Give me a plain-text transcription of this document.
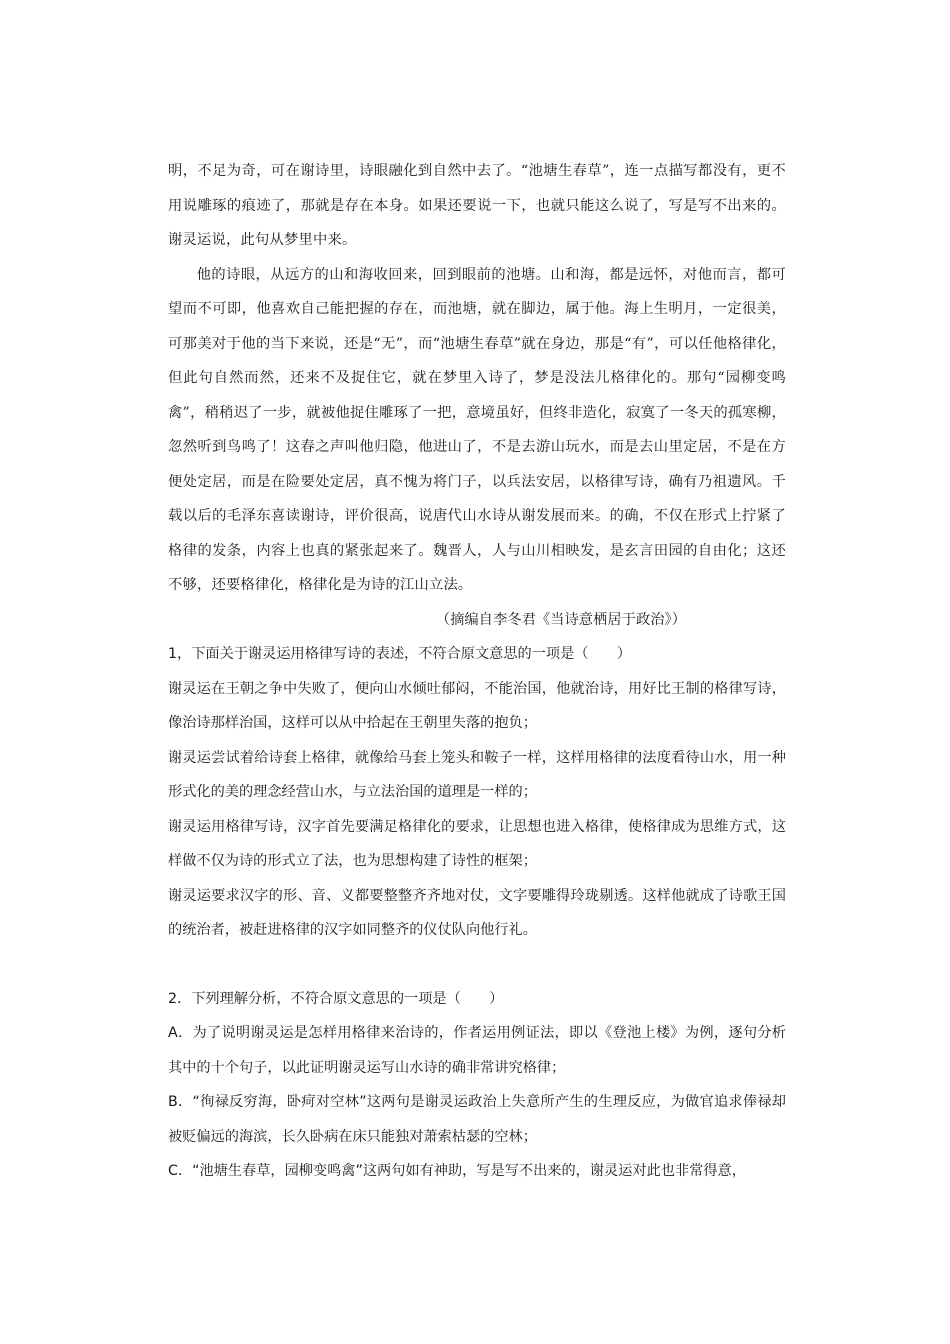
明，不足为奇，可在谢诗里，诗眼融化到自然中去了。“池塘生春草”，连一点描写都没有，更不用说雕琢的痕迹了，那就是存在本身。如果还要说一下，也就只能这么说了，写是写不出来的。谢灵运说，此句从梦里中来。

他的诗眼，从远方的山和海收回来，回到眼前的池塘。山和海，都是远怀，对他而言，都可望而不可即，他喜欢自己能把握的存在，而池塘，就在脚边，属于他。海上生明月，一定很美，可那美对于他的当下来说，还是“无”，而“池塘生春草”就在身边，那是“有”，可以任他格律化，但此句自然而然，还来不及捉住它，就在梦里入诗了，梦是没法儿格律化的。那句“园柳变鸣禽”，稍稍迟了一步，就被他捉住雕琢了一把，意境虽好，但终非造化，寂寞了一冬天的孤寒柳，忽然听到鸟鸣了！这春之声叫他归隐，他进山了，不是去游山玩水，而是去山里定居，不是在方便处定居，而是在险要处定居，真不愧为将门子，以兵法安居，以格律写诗，确有乃祖遗风。千载以后的毛泽东喜读谢诗，评价很高，说唐代山水诗从谢发展而来。的确，不仅在形式上拧紧了格律的发条，内容上也真的紧张起来了。魏晋人，人与山川相映发，是玄言田园的自由化；这还不够，还要格律化，格律化是为诗的江山立法。

（摘编自李冬君《当诗意栖居于政治》）

1，下面关于谢灵运用格律写诗的表述，不符合原文意思的一项是（　　）

谢灵运在王朝之争中失败了，便向山水倾吐郁闷，不能治国，他就治诗，用好比王制的格律写诗，像治诗那样治国，这样可以从中拾起在王朝里失落的抱负；

谢灵运尝试着给诗套上格律，就像给马套上笼头和鞍子一样，这样用格律的法度看待山水，用一种形式化的美的理念经营山水，与立法治国的道理是一样的；

谢灵运用格律写诗，汉字首先要满足格律化的要求，让思想也进入格律，使格律成为思维方式，这样做不仅为诗的形式立了法，也为思想构建了诗性的框架；

谢灵运要求汉字的形、音、义都要整整齐齐地对仗，文字要雕得玲珑剔透。这样他就成了诗歌王国的统治者，被赶进格律的汉字如同整齐的仪仗队向他行礼。

2．下列理解分析，不符合原文意思的一项是（　　）

A．为了说明谢灵运是怎样用格律来治诗的，作者运用例证法，即以《登池上楼》为例，逐句分析其中的十个句子，以此证明谢灵运写山水诗的确非常讲究格律；

B．“徇禄反穷海，卧疴对空林”这两句是谢灵运政治上失意所产生的生理反应，为做官追求俸禄却被贬偏远的海滨，长久卧病在床只能独对萧索枯瑟的空林；

C．“池塘生春草，园柳变鸣禽”这两句如有神助，写是写不出来的，谢灵运对此也非常得意，
